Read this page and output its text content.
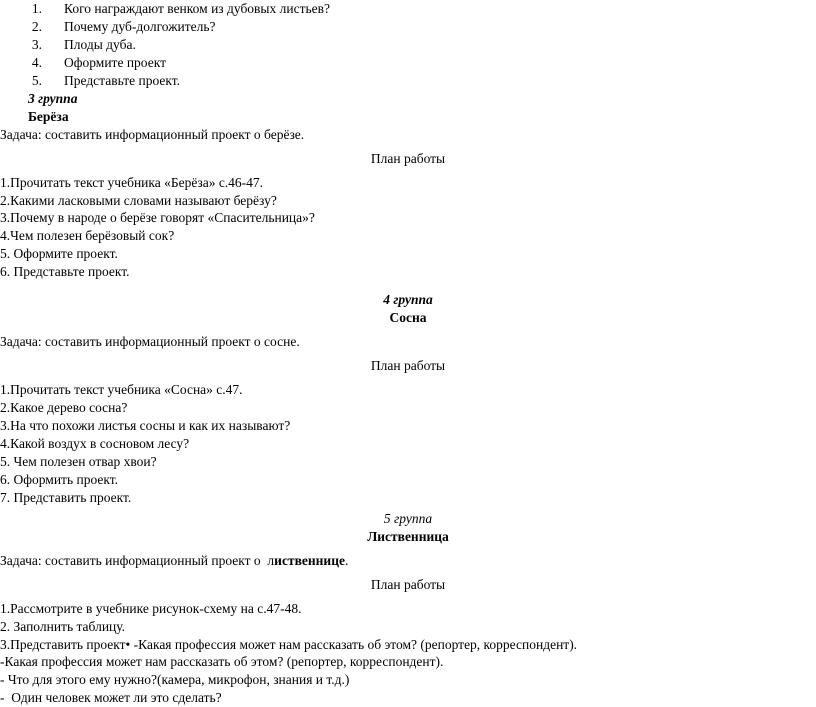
1.	Кого награждают венком из дубовых листьев?
2.	Почему дуб-долгожитель?
3.	Плоды дуба.
4.	Оформите проект
5.	Представьте проект.
3 группа
Берёза
Задача: составить информационный проект о берёзе.
План работы
1.Прочитать текст учебника «Берёза» с.46-47.
2.Какими ласковыми словами называют берёзу?
3.Почему в народе о берёзе говорят «Спасительница»?
4.Чем полезен берёзовый сок?
5. Оформите проект.
6. Представьте проект.
4 группа
Сосна
Задача: составить информационный проект о сосне.
План работы
1.Прочитать текст учебника «Сосна» с.47.
2.Какое дерево сосна?
3.На что похожи листья сосны и как их называют?
4.Какой воздух в сосновом лесу?
5. Чем полезен отвар хвои?
6. Оформить проект.
7. Представить проект.
5 группа
Лиственница
Задача: составить информационный проект о  лиственнице.
План работы
1.Рассмотрите в учебнике рисунок-схему на с.47-48.
2. Заполнить таблицу.
3.Представить проект• -Какая профессия может нам рассказать об этом? (репортер, корреспондент).
-Какая профессия может нам рассказать об этом? (репортер, корреспондент).
- Что для этого ему нужно?(камера, микрофон, знания и т.д.)
-  Один человек может ли это сделать?
